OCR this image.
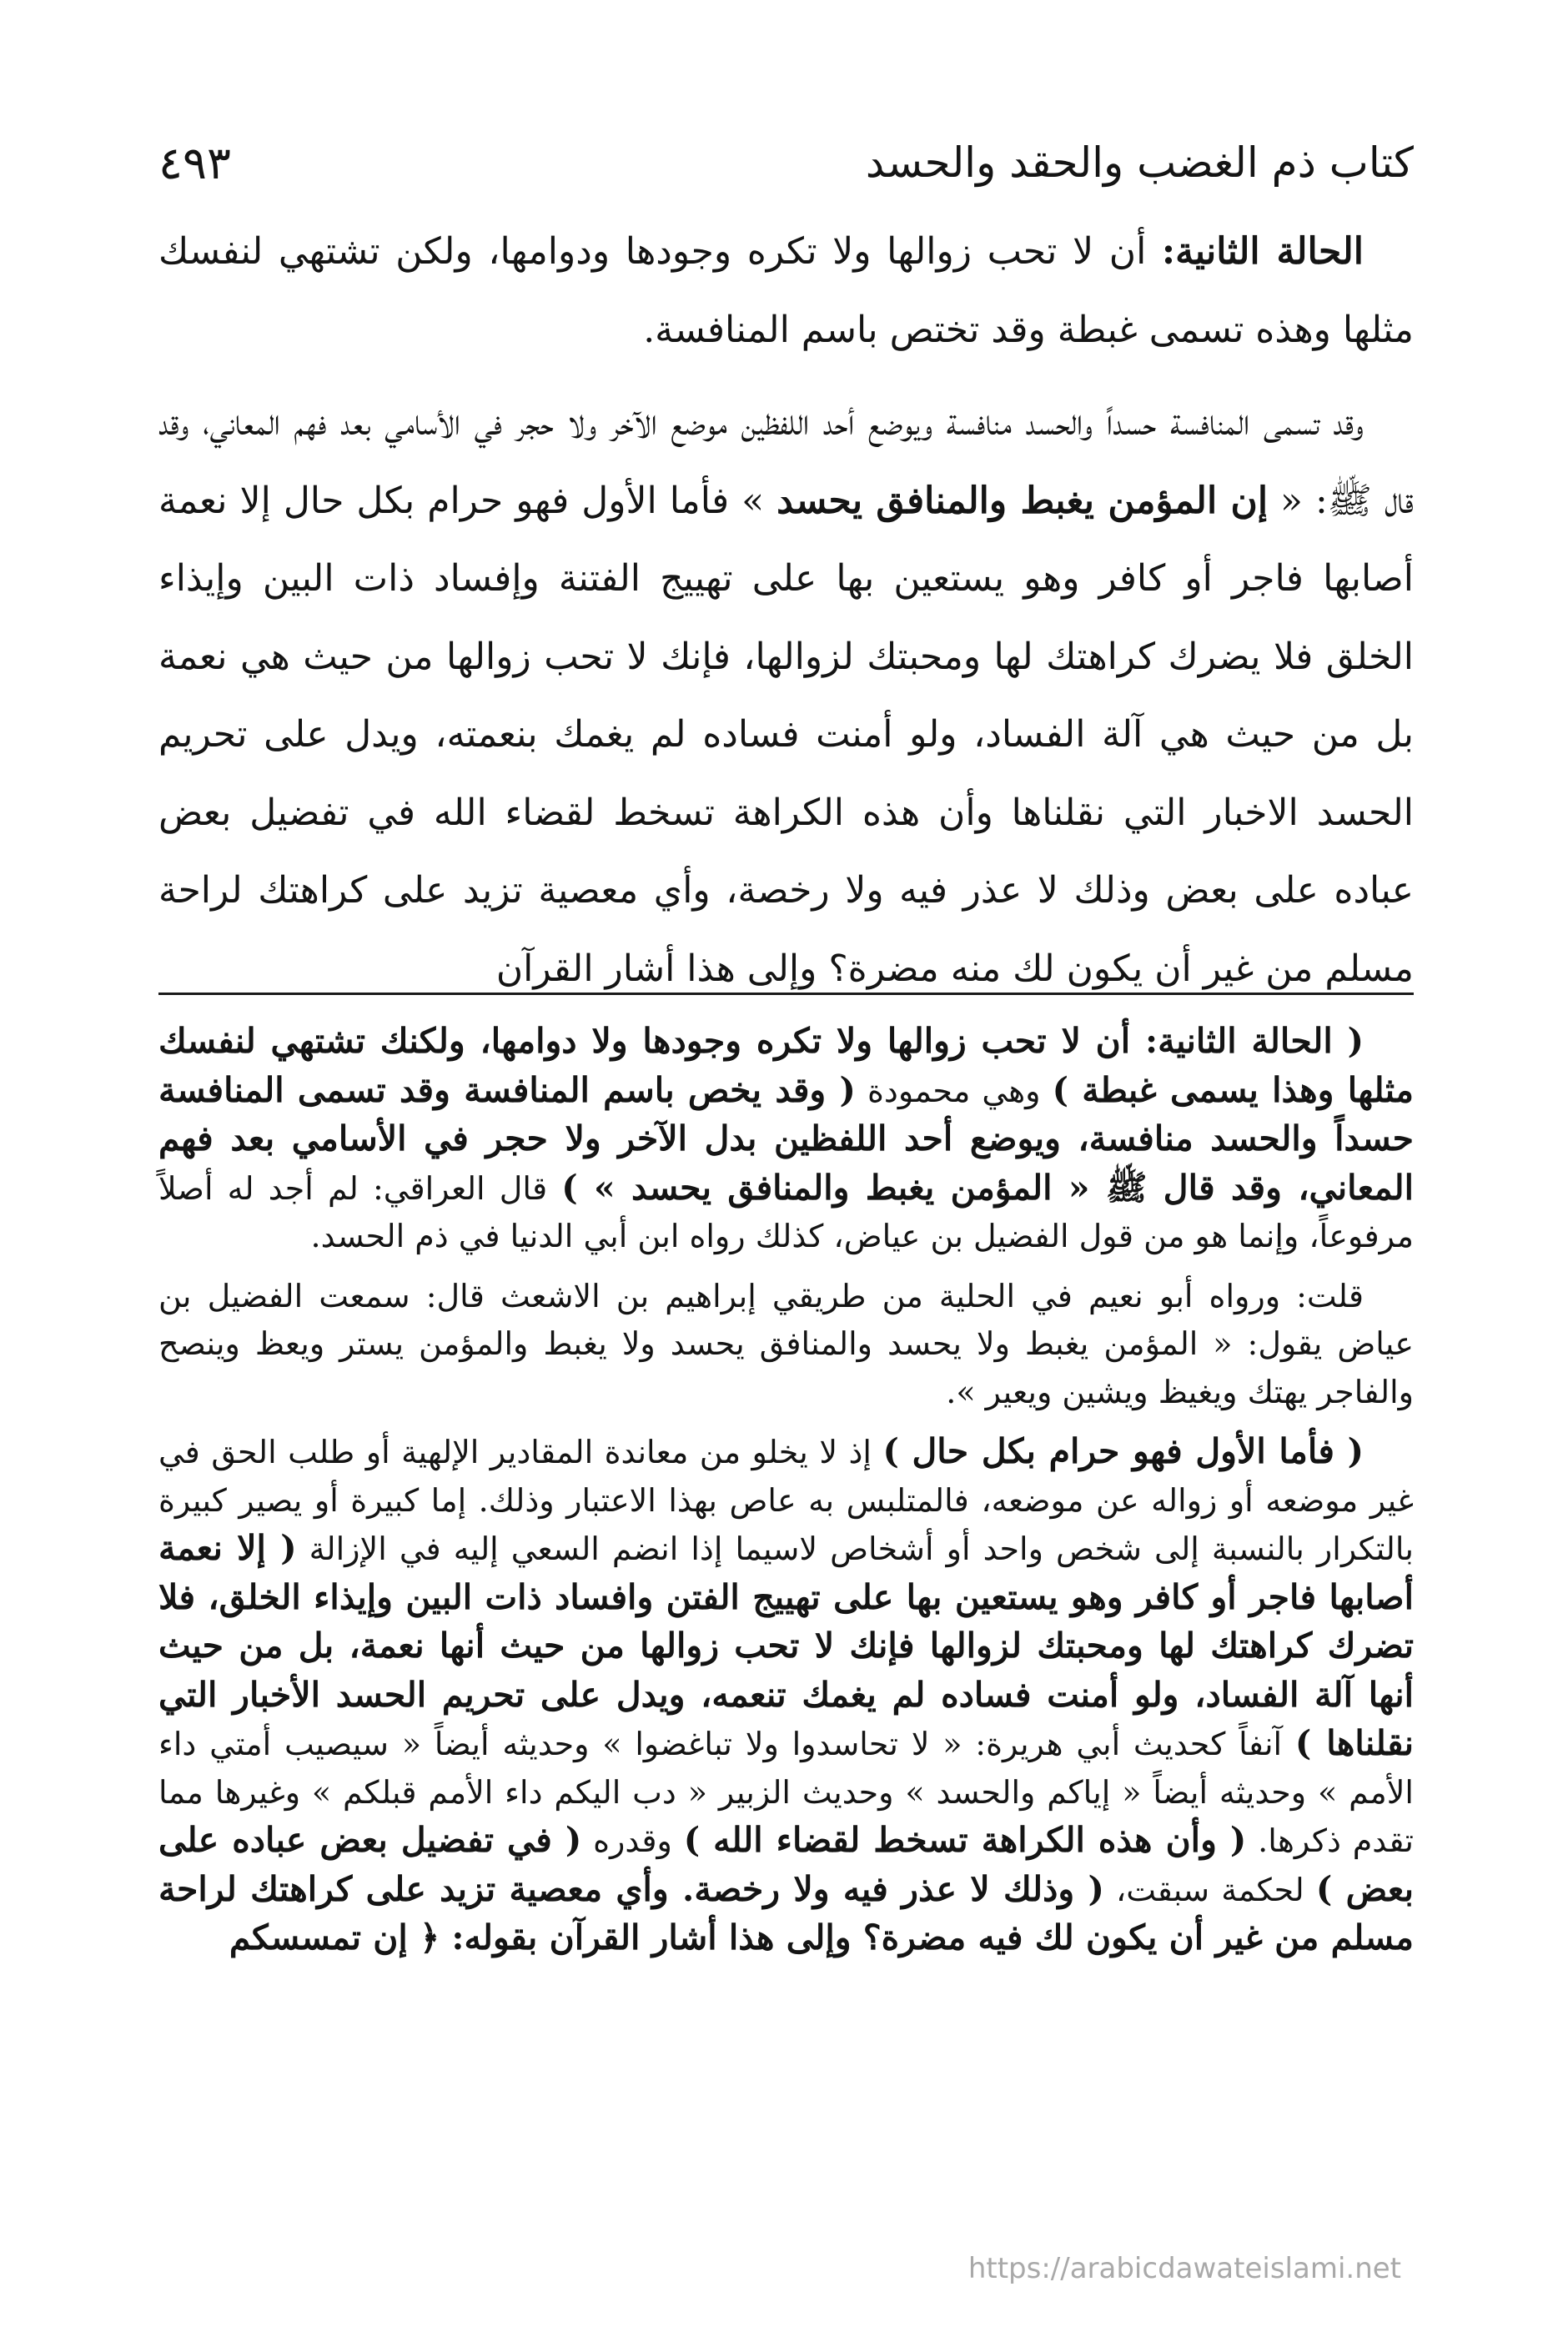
كتاب ذم الغضب والحقد والحسد
٤٩٣

الحالة الثانية: أن لا تحب زوالها ولا تكره وجودها ودوامها، ولكن تشتهي لنفسك مثلها وهذه تسمى غبطة وقد تختص باسم المنافسة.

وقد تسمى المنافسة حسداً والحسد منافسة ويوضع أحد اللفظين موضع الآخر ولا حجر في الأسامي بعد فهم المعاني، وقد قال ﷺ: « إن المؤمن يغبط والمنافق يحسد » فأما الأول فهو حرام بكل حال إلا نعمة أصابها فاجر أو كافر وهو يستعين بها على تهييج الفتنة وإفساد ذات البين وإيذاء الخلق فلا يضرك كراهتك لها ومحبتك لزوالها، فإنك لا تحب زوالها من حيث هي نعمة بل من حيث هي آلة الفساد، ولو أمنت فساده لم يغمك بنعمته، ويدل على تحريم الحسد الاخبار التي نقلناها وأن هذه الكراهة تسخط لقضاء الله في تفضيل بعض عباده على بعض وذلك لا عذر فيه ولا رخصة، وأي معصية تزيد على كراهتك لراحة مسلم من غير أن يكون لك منه مضرة؟ وإلى هذا أشار القرآن

( الحالة الثانية: أن لا تحب زوالها ولا تكره وجودها ولا دوامها، ولكنك تشتهي لنفسك مثلها وهذا يسمى غبطة ) وهي محمودة ( وقد يخص باسم المنافسة وقد تسمى المنافسة حسداً والحسد منافسة، ويوضع أحد اللفظين بدل الآخر ولا حجر في الأسامي بعد فهم المعاني، وقد قال ﷺ « المؤمن يغبط والمنافق يحسد » ) قال العراقي: لم أجد له أصلاً مرفوعاً، وإنما هو من قول الفضيل بن عياض، كذلك رواه ابن أبي الدنيا في ذم الحسد.

قلت: ورواه أبو نعيم في الحلية من طريقي إبراهيم بن الاشعث قال: سمعت الفضيل بن عياض يقول: « المؤمن يغبط ولا يحسد والمنافق يحسد ولا يغبط والمؤمن يستر ويعظ وينصح والفاجر يهتك ويغيظ ويشين ويعير ».

( فأما الأول فهو حرام بكل حال ) إذ لا يخلو من معاندة المقادير الإلهية أو طلب الحق في غير موضعه أو زواله عن موضعه، فالمتلبس به عاص بهذا الاعتبار وذلك. إما كبيرة أو يصير كبيرة بالتكرار بالنسبة إلى شخص واحد أو أشخاص لاسيما إذا انضم السعي إليه في الإزالة ( إلا نعمة أصابها فاجر أو كافر وهو يستعين بها على تهييج الفتن وافساد ذات البين وإيذاء الخلق، فلا تضرك كراهتك لها ومحبتك لزوالها فإنك لا تحب زوالها من حيث أنها نعمة، بل من حيث أنها آلة الفساد، ولو أمنت فساده لم يغمك تنعمه، ويدل على تحريم الحسد الأخبار التي نقلناها ) آنفاً كحديث أبي هريرة: « لا تحاسدوا ولا تباغضوا » وحديثه أيضاً « سيصيب أمتي داء الأمم » وحديثه أيضاً « إياكم والحسد » وحديث الزبير « دب اليكم داء الأمم قبلكم » وغيرها مما تقدم ذكرها. ( وأن هذه الكراهة تسخط لقضاء الله ) وقدره ( في تفضيل بعض عباده على بعض ) لحكمة سبقت، ( وذلك لا عذر فيه ولا رخصة. وأي معصية تزيد على كراهتك لراحة مسلم من غير أن يكون لك فيه مضرة؟ وإلى هذا أشار القرآن بقوله: ﴿ إن تمسسكم

https://arabicdawateislami.net
